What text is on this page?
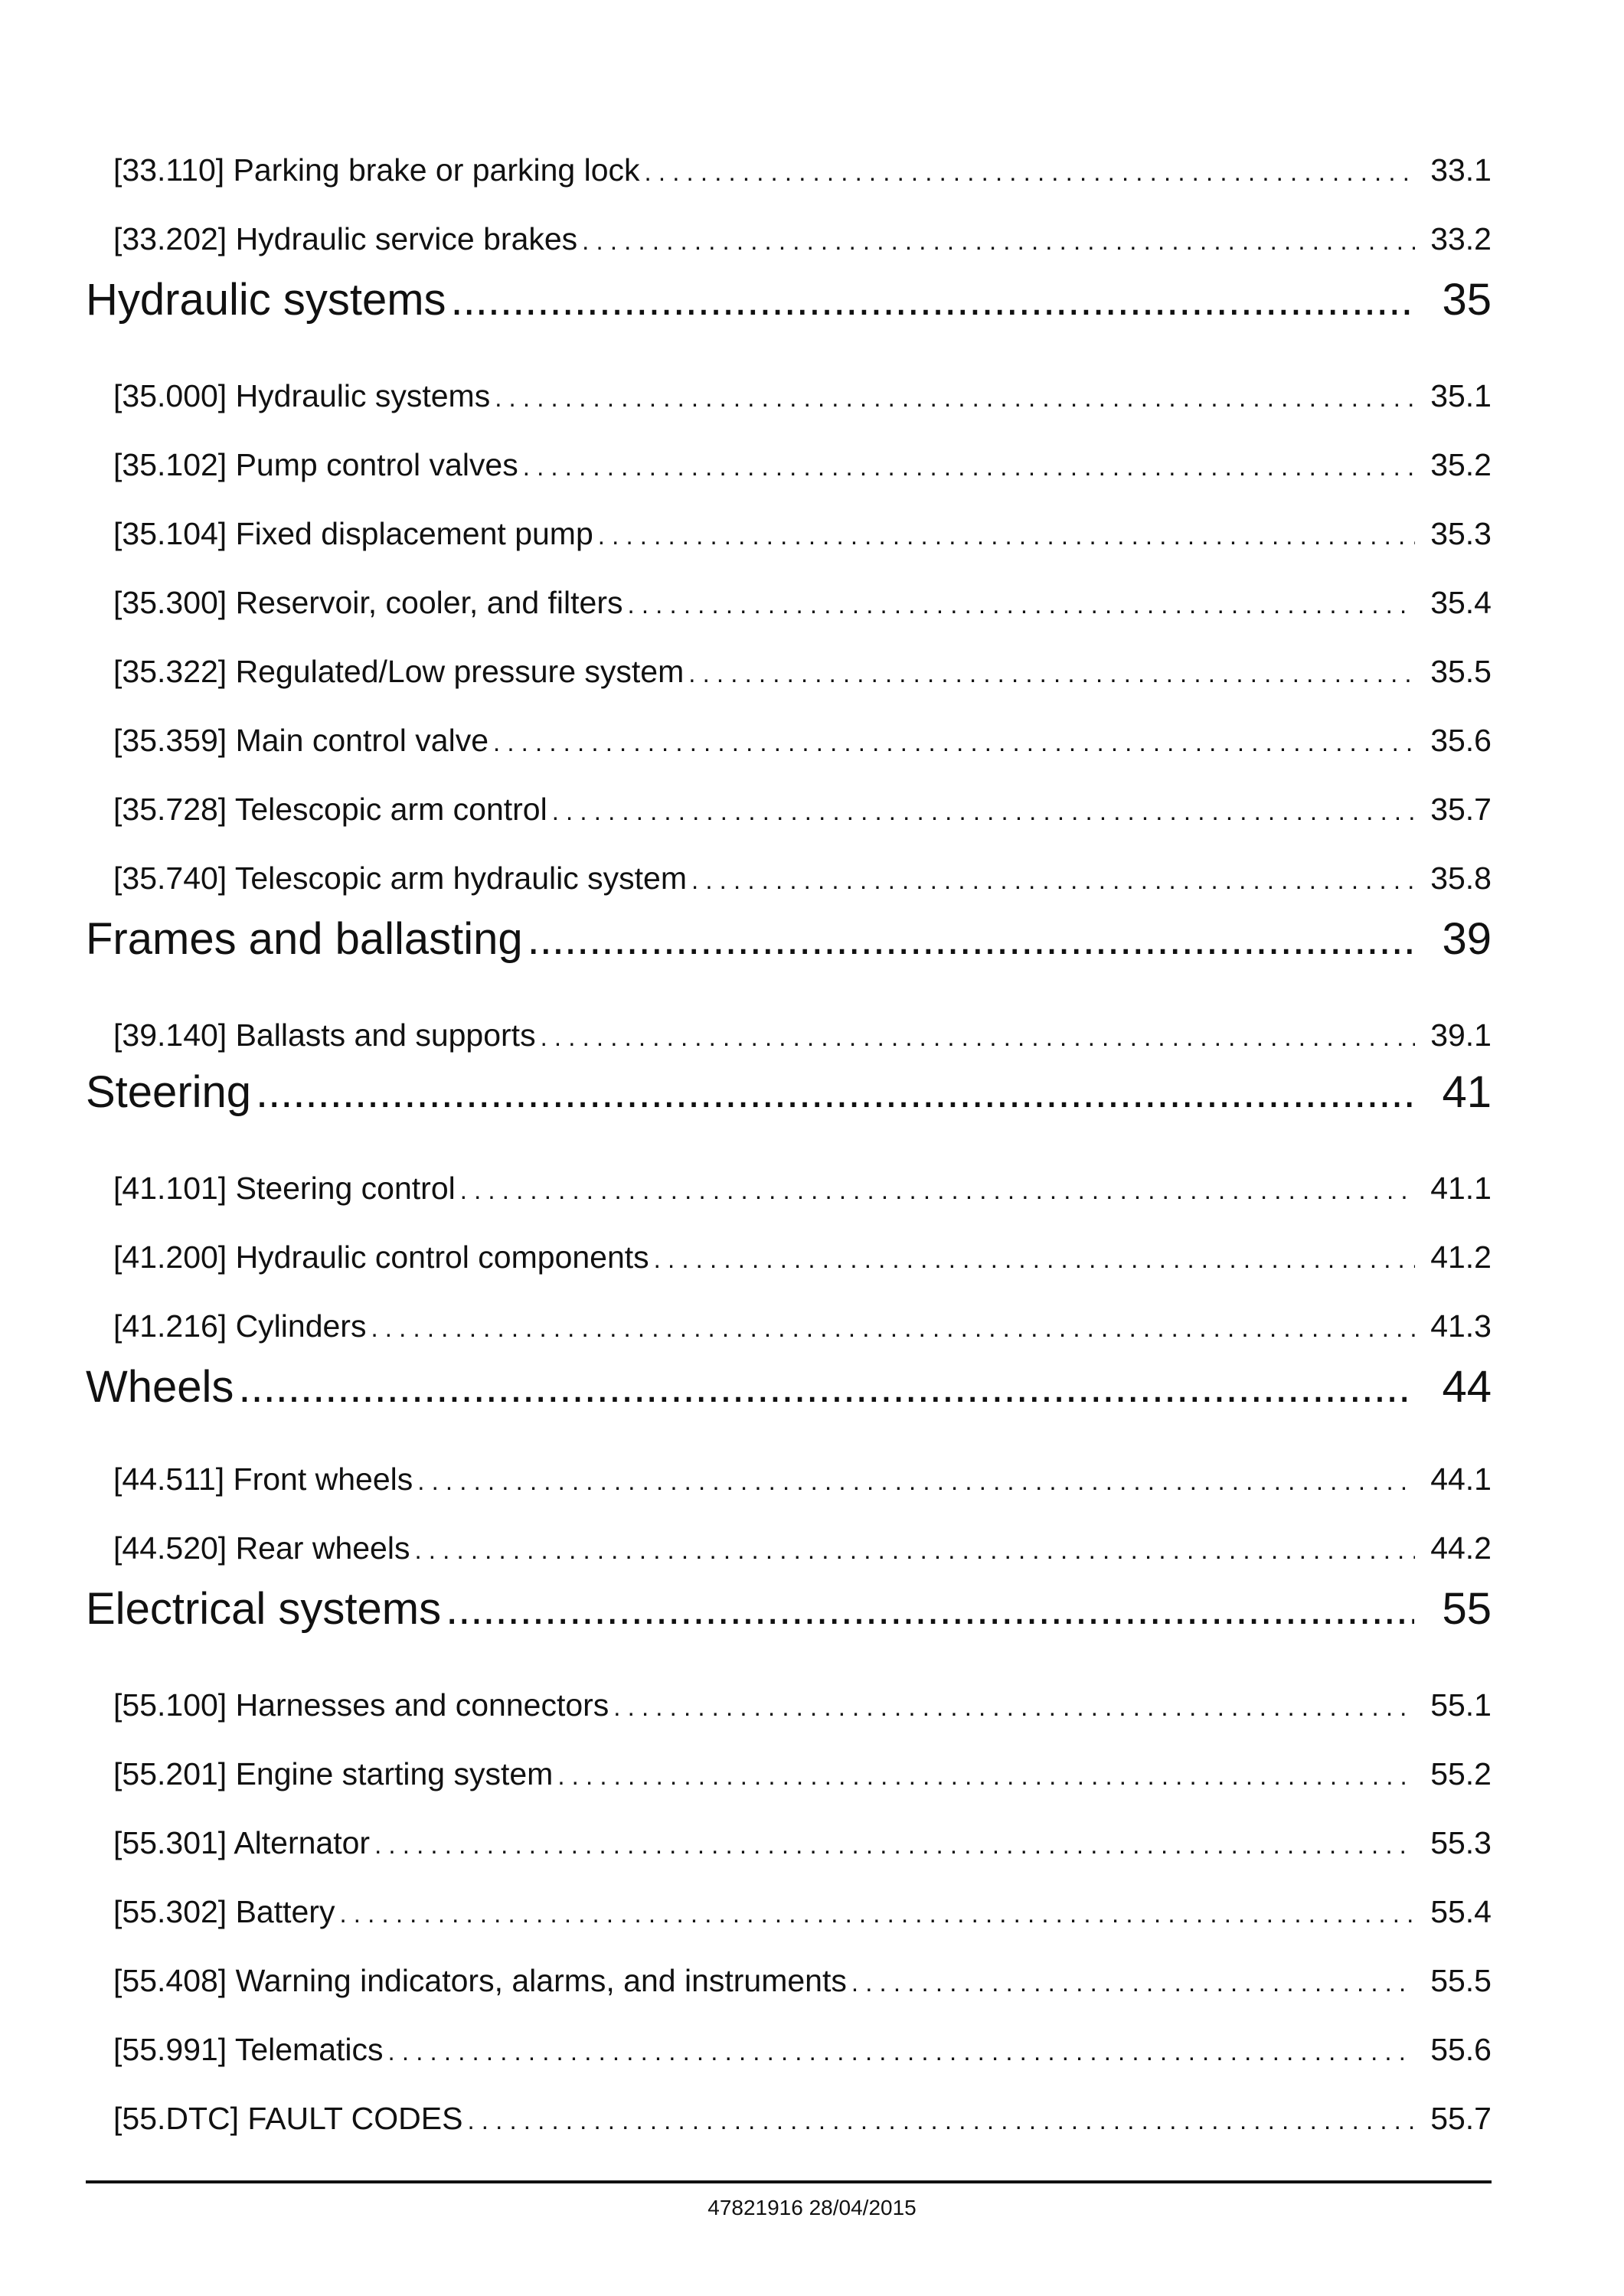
[33.110] Parking brake or parking lock . . .	33.1
[33.202] Hydraulic service brakes . . .	33.2
Hydraulic systems .....	35
[35.000] Hydraulic systems . . .	35.1
[35.102] Pump control valves . . .	35.2
[35.104] Fixed displacement pump . . .	35.3
[35.300] Reservoir, cooler, and filters . . .	35.4
[35.322] Regulated/Low pressure system . . .	35.5
[35.359] Main control valve . . .	35.6
[35.728] Telescopic arm control . . .	35.7
[35.740] Telescopic arm hydraulic system . . .	35.8
Frames and ballasting .....	39
[39.140] Ballasts and supports . . .	39.1
Steering .....	41
[41.101] Steering control . . .	41.1
[41.200] Hydraulic control components . . .	41.2
[41.216] Cylinders . . .	41.3
Wheels .....	44
[44.511] Front wheels . . .	44.1
[44.520] Rear wheels . . .	44.2
Electrical systems .....	55
[55.100] Harnesses and connectors . . .	55.1
[55.201] Engine starting system . . .	55.2
[55.301] Alternator . . .	55.3
[55.302] Battery . . .	55.4
[55.408] Warning indicators, alarms, and instruments . . .	55.5
[55.991] Telematics . . .	55.6
[55.DTC] FAULT CODES . . .	55.7
47821916 28/04/2015
